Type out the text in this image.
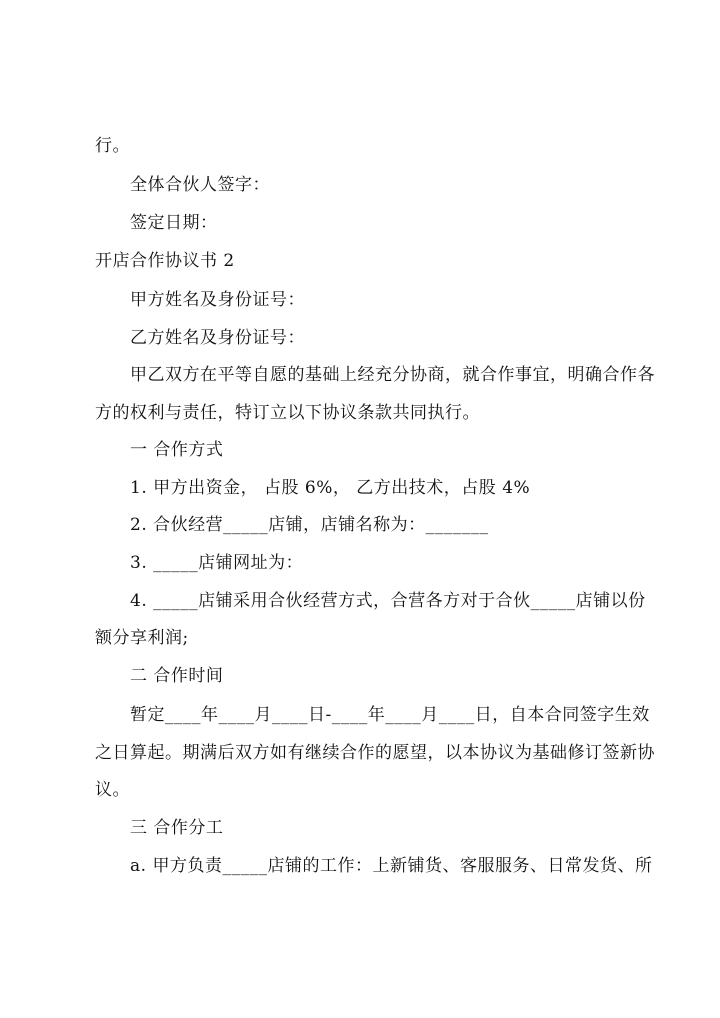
行。
全体合伙人签字：
签定日期：
开店合作协议书 2
甲方姓名及身份证号：
乙方姓名及身份证号：
甲乙双方在平等自愿的基础上经充分协商，就合作事宜，明确合作各
方的权利与责任，特订立以下协议条款共同执行。
一 合作方式
1. 甲方出资金， 占股 6%， 乙方出技术，占股 4%
2. 合伙经营_____店铺，店铺名称为：_______
3. _____店铺网址为：
4. _____店铺采用合伙经营方式，合营各方对于合伙_____店铺以份
额分享利润;
二 合作时间
暂定____年____月____日-____年____月____日，自本合同签字生效
之日算起。期满后双方如有继续合作的愿望，以本协议为基础修订签新协
议。
三 合作分工
a. 甲方负责_____店铺的工作：上新铺货、客服服务、日常发货、所
